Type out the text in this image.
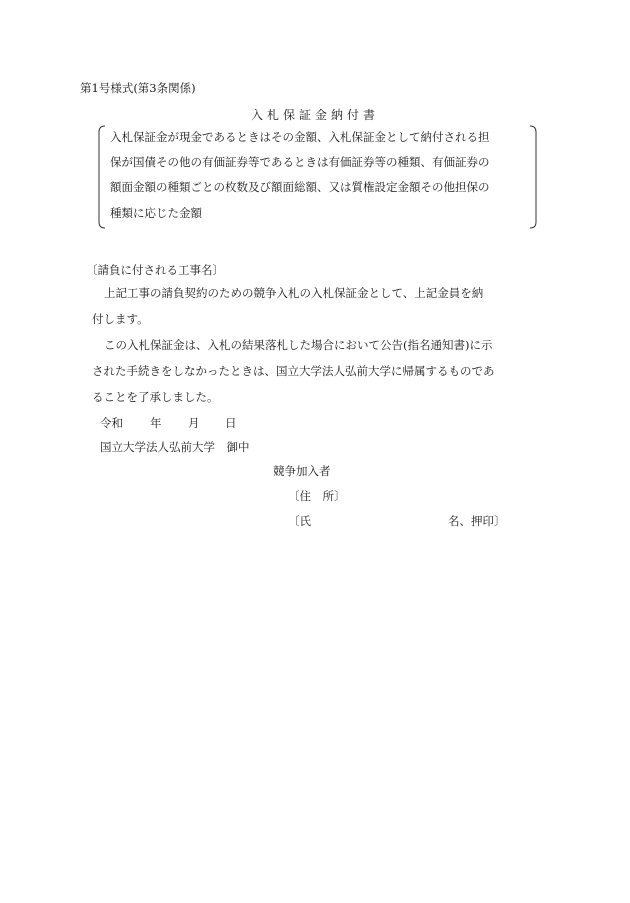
第1号様式(第3条関係)
入札保証金納付書
入札保証金が現金であるときはその金額、入札保証金として納付される担
保が国債その他の有価証券等であるときは有価証券等の種類、有価証券の
額面金額の種類ごとの枚数及び額面総額、又は質権設定金額その他担保の
種類に応じた金額
〔請負に付される工事名〕
上記工事の請負契約のための競争入札の入札保証金として、上記金員を納
付します。
この入札保証金は、入札の結果落札した場合において公告(指名通知書)に示
された手続きをしなかったときは、国立大学法人弘前大学に帰属するものであ
ることを了承しました。
令和 年 月 日
国立大学法人弘前大学　御中
競争加入者
〔住　所〕
〔氏	名、押印〕
